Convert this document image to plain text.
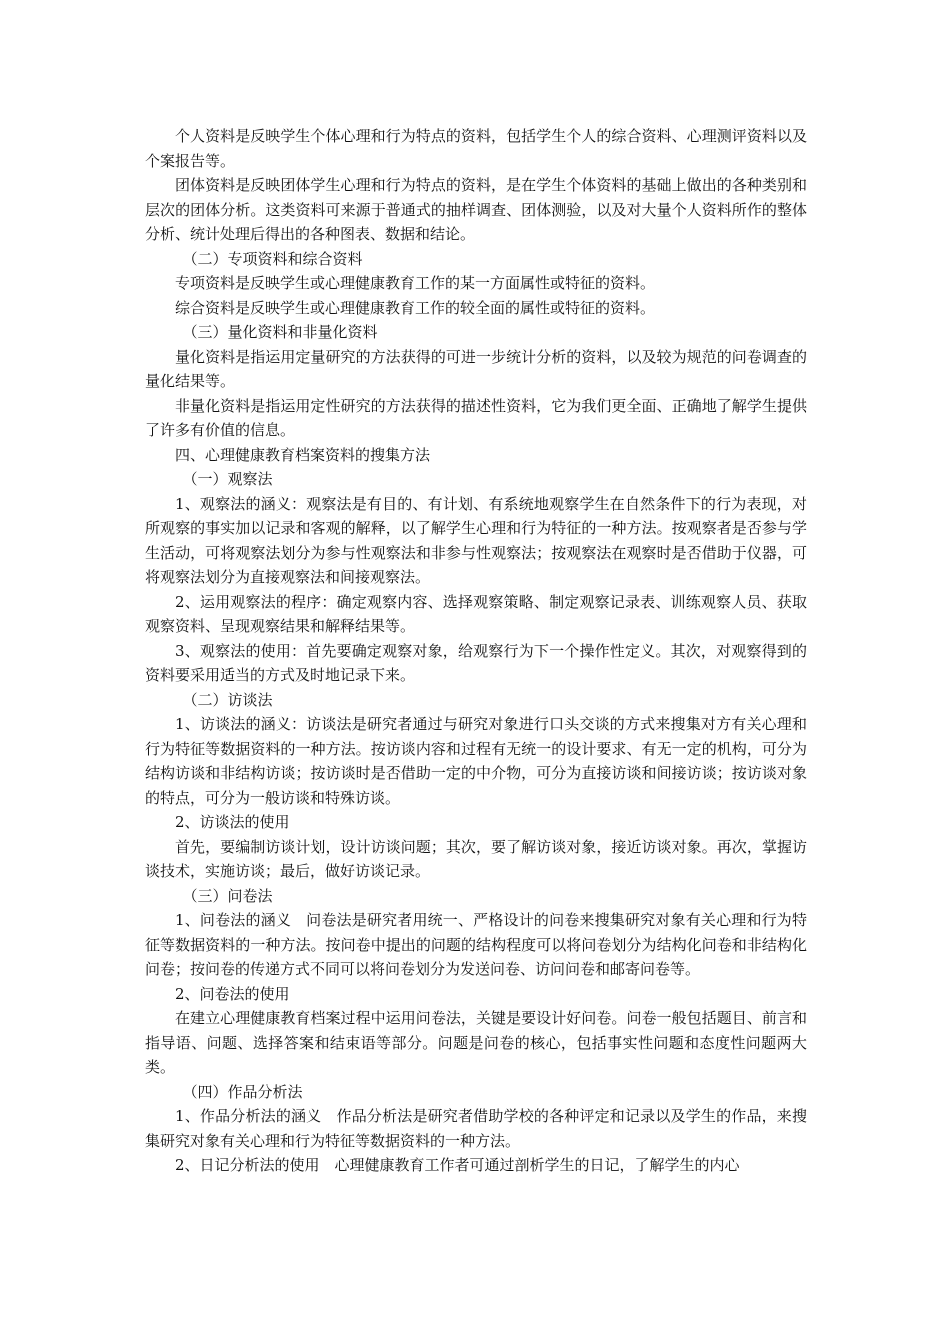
个人资料是反映学生个体心理和行为特点的资料，包括学生个人的综合资料、心理测评资料以及个案报告等。

团体资料是反映团体学生心理和行为特点的资料，是在学生个体资料的基础上做出的各种类别和层次的团体分析。这类资料可来源于普通式的抽样调查、团体测验，以及对大量个人资料所作的整体分析、统计处理后得出的各种图表、数据和结论。

（二）专项资料和综合资料

专项资料是反映学生或心理健康教育工作的某一方面属性或特征的资料。

综合资料是反映学生或心理健康教育工作的较全面的属性或特征的资料。

（三）量化资料和非量化资料

量化资料是指运用定量研究的方法获得的可进一步统计分析的资料，以及较为规范的问卷调查的量化结果等。

非量化资料是指运用定性研究的方法获得的描述性资料，它为我们更全面、正确地了解学生提供了许多有价值的信息。

四、心理健康教育档案资料的搜集方法

（一）观察法

1、观察法的涵义：观察法是有目的、有计划、有系统地观察学生在自然条件下的行为表现，对所观察的事实加以记录和客观的解释，以了解学生心理和行为特征的一种方法。按观察者是否参与学生活动，可将观察法划分为参与性观察法和非参与性观察法；按观察法在观察时是否借助于仪器，可将观察法划分为直接观察法和间接观察法。

2、运用观察法的程序：确定观察内容、选择观察策略、制定观察记录表、训练观察人员、获取观察资料、呈现观察结果和解释结果等。

3、观察法的使用：首先要确定观察对象，给观察行为下一个操作性定义。其次，对观察得到的资料要采用适当的方式及时地记录下来。

（二）访谈法

1、访谈法的涵义：访谈法是研究者通过与研究对象进行口头交谈的方式来搜集对方有关心理和行为特征等数据资料的一种方法。按访谈内容和过程有无统一的设计要求、有无一定的机构，可分为结构访谈和非结构访谈；按访谈时是否借助一定的中介物，可分为直接访谈和间接访谈；按访谈对象的特点，可分为一般访谈和特殊访谈。

2、访谈法的使用

首先，要编制访谈计划，设计访谈问题；其次，要了解访谈对象，接近访谈对象。再次，掌握访谈技术，实施访谈；最后，做好访谈记录。

（三）问卷法

1、问卷法的涵义　问卷法是研究者用统一、严格设计的问卷来搜集研究对象有关心理和行为特征等数据资料的一种方法。按问卷中提出的问题的结构程度可以将问卷划分为结构化问卷和非结构化问卷；按问卷的传递方式不同可以将问卷划分为发送问卷、访问问卷和邮寄问卷等。

2、问卷法的使用

在建立心理健康教育档案过程中运用问卷法，关键是要设计好问卷。问卷一般包括题目、前言和指导语、问题、选择答案和结束语等部分。问题是问卷的核心，包括事实性问题和态度性问题两大类。

（四）作品分析法

1、作品分析法的涵义　作品分析法是研究者借助学校的各种评定和记录以及学生的作品，来搜集研究对象有关心理和行为特征等数据资料的一种方法。

2、日记分析法的使用　心理健康教育工作者可通过剖析学生的日记，了解学生的内心
